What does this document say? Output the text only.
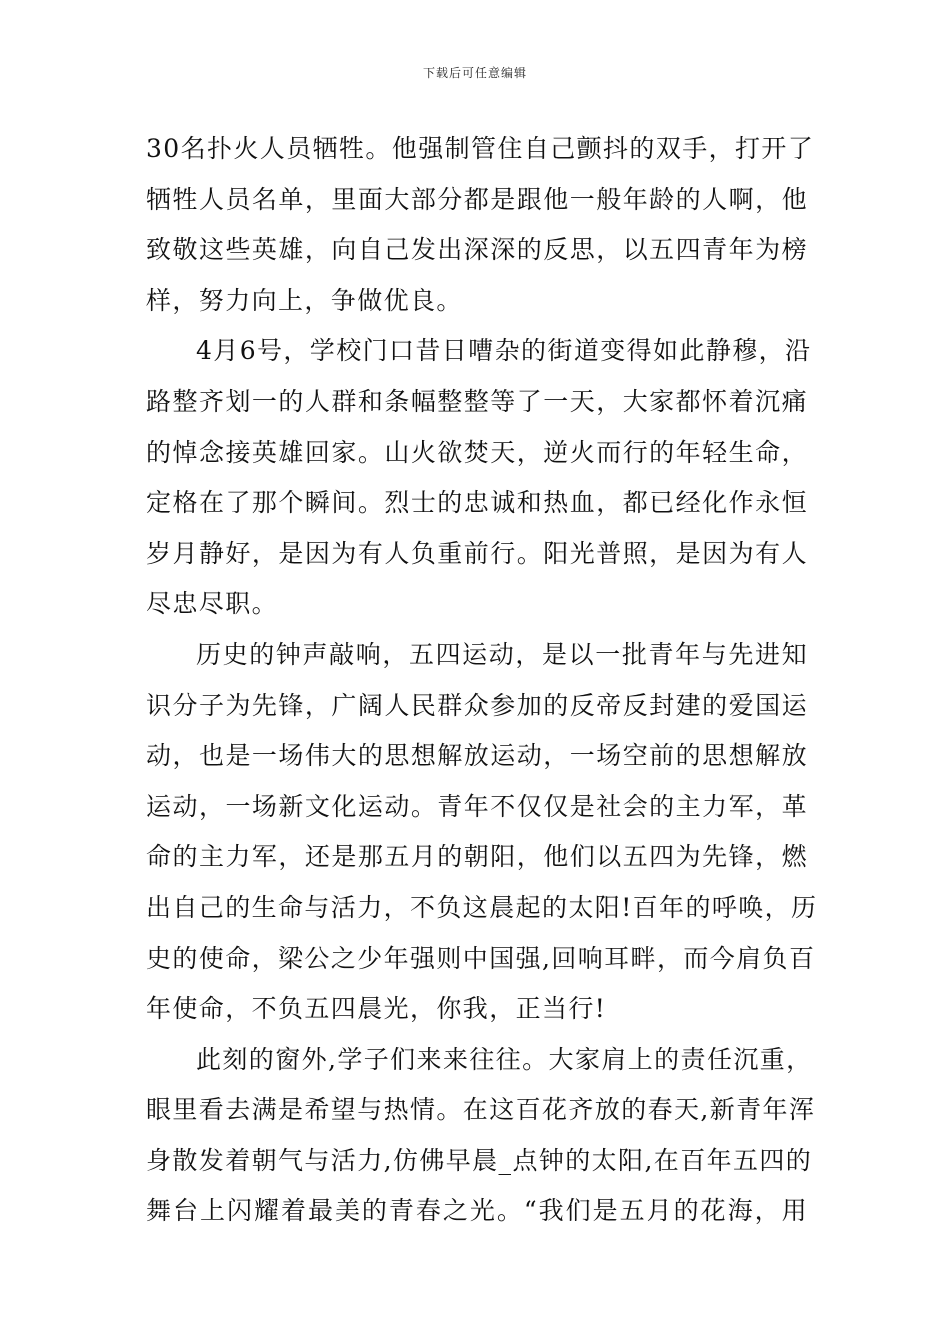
下载后可任意编辑
30名扑火人员牺牲。他强制管住自己颤抖的双手，打开了
牺牲人员名单，里面大部分都是跟他一般年龄的人啊，他
致敬这些英雄，向自己发出深深的反思，以五四青年为榜
样，努力向上，争做优良。
4月6号，学校门口昔日嘈杂的街道变得如此静穆，沿
路整齐划一的人群和条幅整整等了一天，大家都怀着沉痛
的悼念接英雄回家。山火欲焚天，逆火而行的年轻生命，
定格在了那个瞬间。烈士的忠诚和热血，都已经化作永恒
岁月静好，是因为有人负重前行。阳光普照，是因为有人
尽忠尽职。
历史的钟声敲响，五四运动，是以一批青年与先进知
识分子为先锋，广阔人民群众参加的反帝反封建的爱国运
动，也是一场伟大的思想解放运动，一场空前的思想解放
运动，一场新文化运动。青年不仅仅是社会的主力军，革
命的主力军，还是那五月的朝阳，他们以五四为先锋，燃
出自己的生命与活力，不负这晨起的太阳!百年的呼唤，历
史的使命，梁公之少年强则中国强,回响耳畔，而今肩负百
年使命，不负五四晨光，你我，正当行!
此刻的窗外,学子们来来往往。大家肩上的责任沉重，
眼里看去满是希望与热情。在这百花齐放的春天,新青年浑
身散发着朝气与活力,仿佛早晨_点钟的太阳,在百年五四的
舞台上闪耀着最美的青春之光。“我们是五月的花海，用
